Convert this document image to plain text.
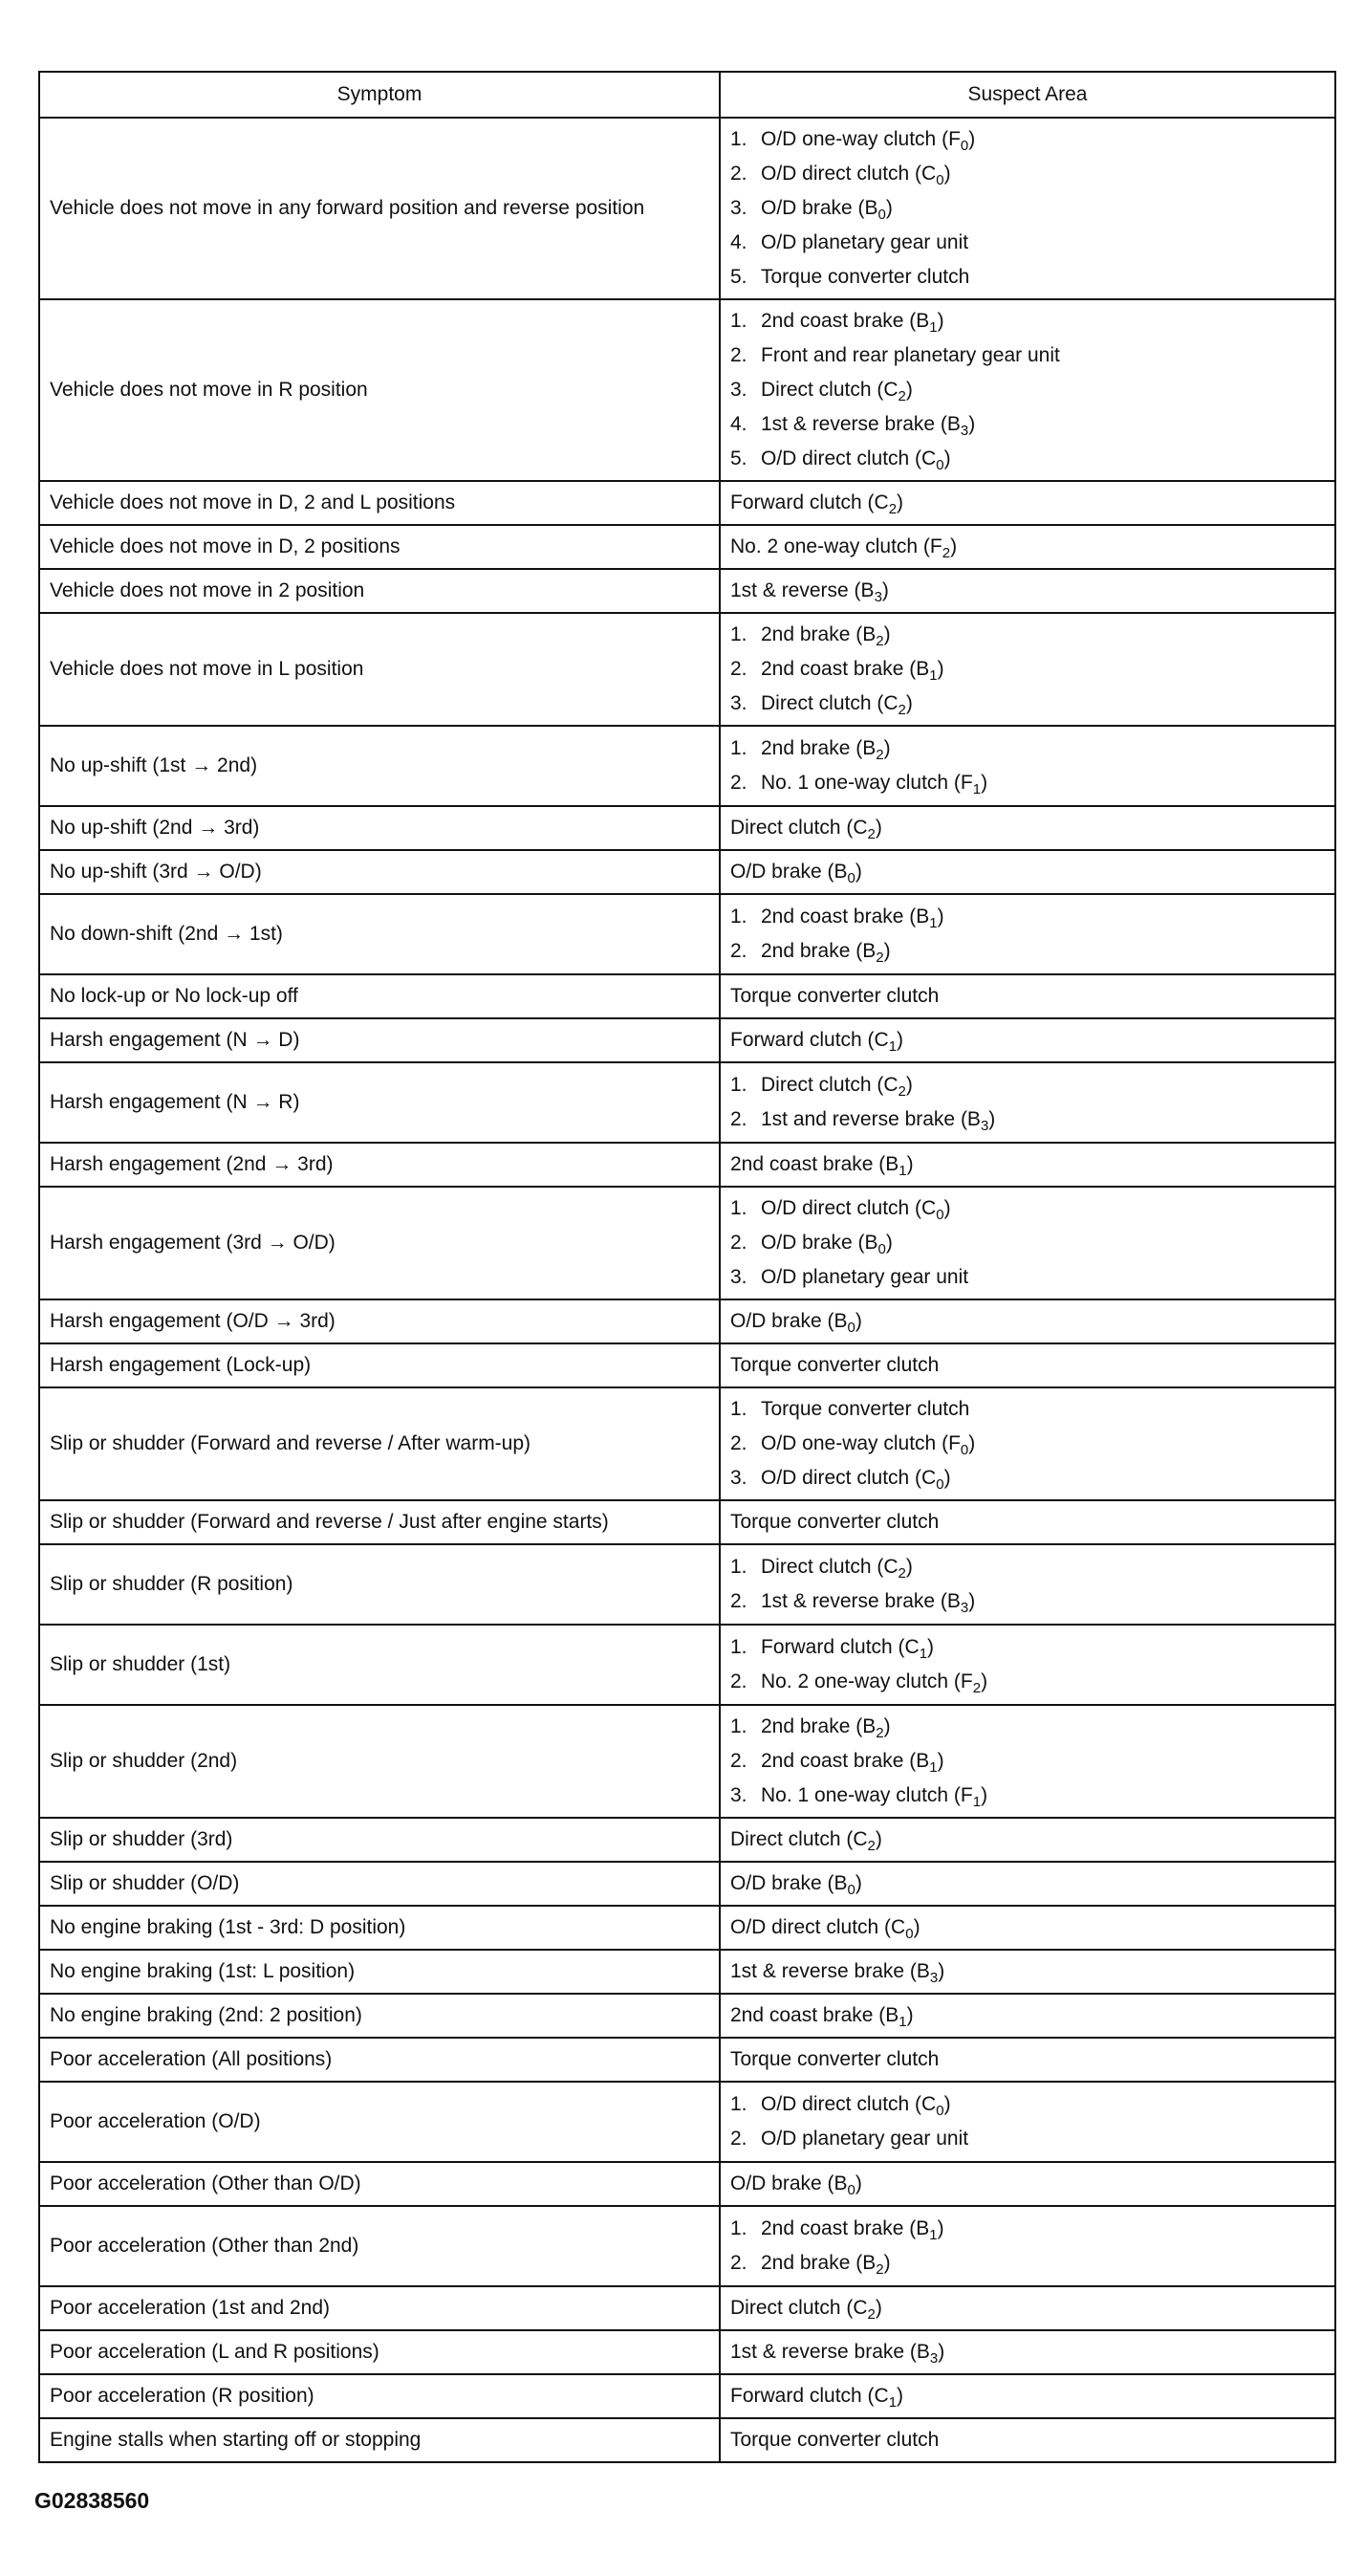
Symptom	Suspect Area
Vehicle does not move in any forward position and reverse position	1. O/D one-way clutch $(F_0)$
2. O/D direct clutch $(C_0)$
3. O/D brake $(B_0)$
4. O/D planetary gear unit
5. Torque converter clutch

Vehicle does not move in R position	1. 2nd coast brake $(B_1)$
2. Front and rear planetary gear unit
3. Direct clutch $(C_2)$
4. 1st & reverse brake $(B_3)$
5. O/D direct clutch $(C_0)$

Vehicle does not move in D, 2 and L positions	Forward clutch $(C_2)$

Vehicle does not move in D, 2 positions	No. 2 one-way clutch $(F_2)$

Vehicle does not move in 2 position	1st & reverse $(B_3)$

Vehicle does not move in L position	1. 2nd brake $(B_2)$
2. 2nd coast brake $(B_1)$
3. Direct clutch $(C_2)$

No up-shift (1st → 2nd)	1. 2nd brake $(B_2)$
2. No. 1 one-way clutch $(F_1)$

No up-shift (2nd → 3rd)	Direct clutch $(C_2)$

No up-shift (3rd → O/D)	O/D brake $(B_0)$

No down-shift (2nd → 1st)	1. 2nd coast brake $(B_1)$
2. 2nd brake $(B_2)$

No lock-up or No lock-up off	Torque converter clutch

Harsh engagement (N → D)	Forward clutch $(C_1)$

Harsh engagement (N → R)	1. Direct clutch $(C_2)$
2. 1st and reverse brake $(B_3)$

Harsh engagement (2nd → 3rd)	2nd coast brake $(B_1)$

Harsh engagement (3rd → O/D)	1. O/D direct clutch $(C_0)$
2. O/D brake $(B_0)$
3. O/D planetary gear unit

Harsh engagement (O/D → 3rd)	O/D brake $(B_0)$

Harsh engagement (Lock-up)	Torque converter clutch

Slip or shudder (Forward and reverse / After warm-up)	1. Torque converter clutch
2. O/D one-way clutch $(F_0)$
3. O/D direct clutch $(C_0)$

Slip or shudder (Forward and reverse / Just after engine starts)	Torque converter clutch

Slip or shudder (R position)	1. Direct clutch $(C_2)$
2. 1st & reverse brake $(B_3)$

Slip or shudder (1st)	1. Forward clutch $(C_1)$
2. No. 2 one-way clutch $(F_2)$

Slip or shudder (2nd)	1. 2nd brake $(B_2)$
2. 2nd coast brake $(B_1)$
3. No. 1 one-way clutch $(F_1)$

Slip or shudder (3rd)	Direct clutch $(C_2)$

Slip or shudder (O/D)	O/D brake $(B_0)$

No engine braking (1st - 3rd: D position)	O/D direct clutch $(C_0)$

No engine braking (1st: L position)	1st & reverse brake $(B_3)$

No engine braking (2nd: 2 position)	2nd coast brake $(B_1)$

Poor acceleration (All positions)	Torque converter clutch

Poor acceleration (O/D)	1. O/D direct clutch $(C_0)$
2. O/D planetary gear unit

Poor acceleration (Other than O/D)	O/D brake $(B_0)$

Poor acceleration (Other than 2nd)	1. 2nd coast brake $(B_1)$
2. 2nd brake $(B_2)$

Poor acceleration (1st and 2nd)	Direct clutch $(C_2)$

Poor acceleration (L and R positions)	1st & reverse brake $(B_3)$

Poor acceleration (R position)	Forward clutch $(C_1)$

Engine stalls when starting off or stopping	Torque converter clutch
G02838560
